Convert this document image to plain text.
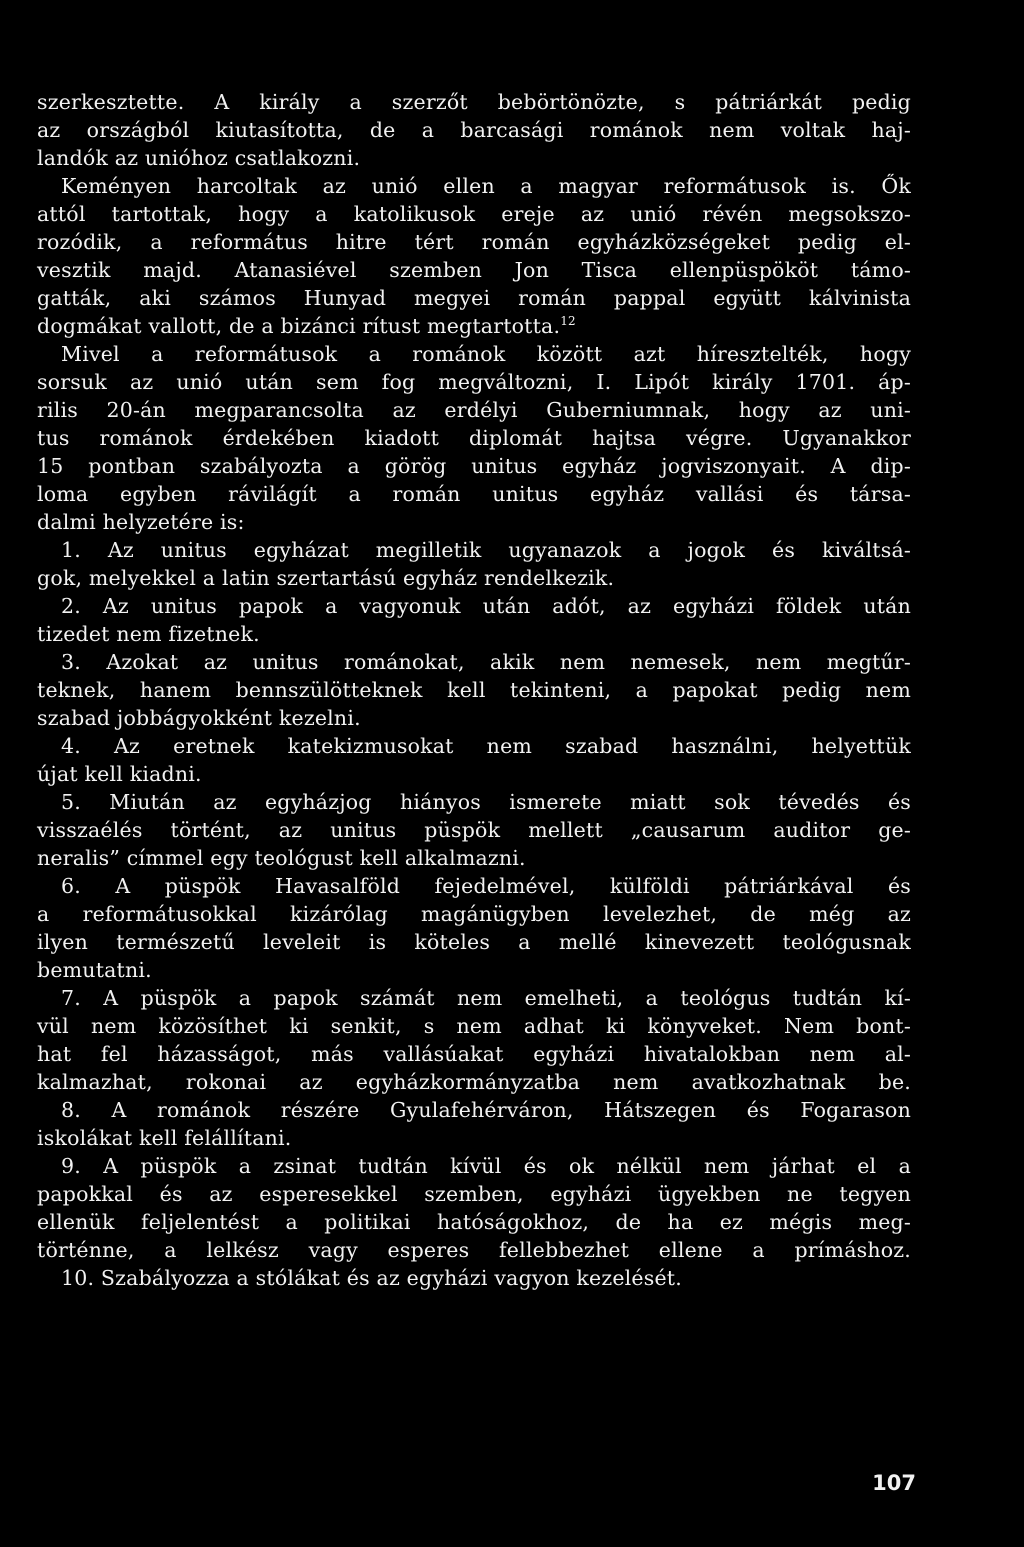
szerkesztette. A király a szerzőt bebörtönözte, s pátriárkát pedig
az országból kiutasította, de a barcasági románok nem voltak haj-
landók az unióhoz csatlakozni.
Keményen harcoltak az unió ellen a magyar reformátusok is. Ők
attól tartottak, hogy a katolikusok ereje az unió révén megsokszo-
rozódik, a református hitre tért román egyházközségeket pedig el-
vesztik majd. Atanasiével szemben Jon Tisca ellenpüspököt támo-
gatták, aki számos Hunyad megyei román pappal együtt kálvinista
dogmákat vallott, de a bizánci rítust megtartotta.$^{12}$
Mivel a reformátusok a románok között azt híresztelték, hogy
sorsuk az unió után sem fog megváltozni, I. Lipót király 1701. áp-
rilis 20-án megparancsolta az erdélyi Guberniumnak, hogy az uni-
tus románok érdekében kiadott diplomát hajtsa végre. Ugyanakkor
15 pontban szabályozta a görög unitus egyház jogviszonyait. A dip-
loma egyben rávilágít a román unitus egyház vallási és társa-
dalmi helyzetére is:
1. Az unitus egyházat megilletik ugyanazok a jogok és kiváltsá-
gok, melyekkel a latin szertartású egyház rendelkezik.
2. Az unitus papok a vagyonuk után adót, az egyházi földek után
tizedet nem fizetnek.
3. Azokat az unitus románokat, akik nem nemesek, nem megtűr-
teknek, hanem bennszülötteknek kell tekinteni, a papokat pedig nem
szabad jobbágyokként kezelni.
4. Az eretnek katekizmusokat nem szabad használni, helyettük
újat kell kiadni.
5. Miután az egyházjog hiányos ismerete miatt sok tévedés és
visszaélés történt, az unitus püspök mellett „causarum auditor ge-
neralis” címmel egy teológust kell alkalmazni.
6. A püspök Havasalföld fejedelmével, külföldi pátriárkával és
a reformátusokkal kizárólag magánügyben levelezhet, de még az
ilyen természetű leveleit is köteles a mellé kinevezett teológusnak
bemutatni.
7. A püspök a papok számát nem emelheti, a teológus tudtán kí-
vül nem közösíthet ki senkit, s nem adhat ki könyveket. Nem bont-
hat fel házasságot, más vallásúakat egyházi hivatalokban nem al-
kalmazhat, rokonai az egyházkormányzatba nem avatkozhatnak be.
8. A románok részére Gyulafehérváron, Hátszegen és Fogarason
iskolákat kell felállítani.
9. A püspök a zsinat tudtán kívül és ok nélkül nem járhat el a
papokkal és az esperesekkel szemben, egyházi ügyekben ne tegyen
ellenük feljelentést a politikai hatóságokhoz, de ha ez mégis meg-
történne, a lelkész vagy esperes fellebbezhet ellene a prímáshoz.
10. Szabályozza a stólákat és az egyházi vagyon kezelését.
107
